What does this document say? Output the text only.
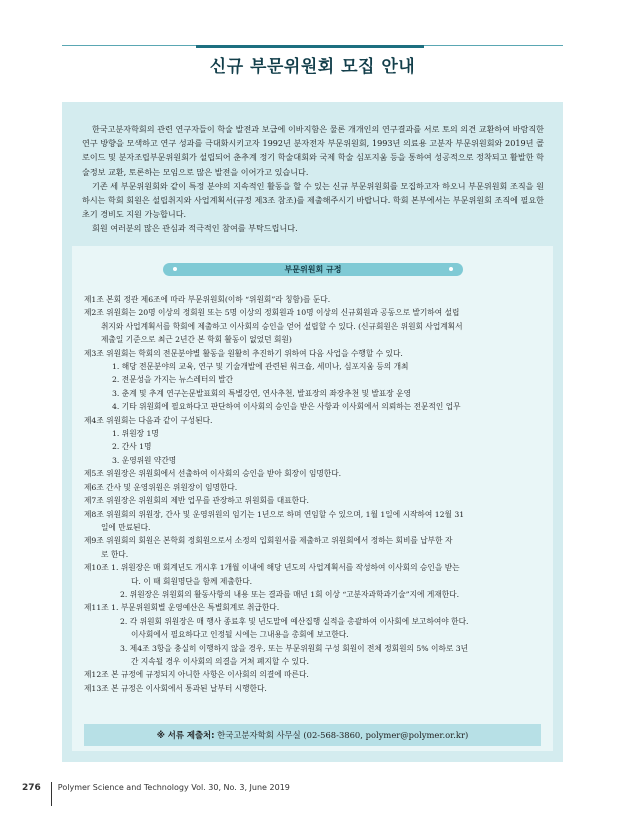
신규 부문위원회 모집 안내

한국고분자학회의 관련 연구자들이 학술 발전과 보급에 이바지함은 물론 개개인의 연구결과를 서로 토의 의견 교환하여 바람직한 연구 방향을 모색하고 연구 성과를 극대화시키고자 1992년 분자전자 부문위원회, 1993년 의료용 고분자 부문위원회와 2019년 콜로이드 및 분자조립부문위원회가 설립되어 춘추계 정기 학술대회와 국제 학술 심포지움 등을 통하여 성공적으로 정착되고 활발한 학술정보 교환, 토론하는 모임으로 많은 발전을 이어가고 있습니다.

기존 세 부문위원회와 같이 특정 분야의 지속적인 활동을 할 수 있는 신규 부문위원회를 모집하고자 하오니 부문위원회 조직을 원하시는 학회 회원은 설립취지와 사업계획서(규정 제3조 참조)를 제출해주시기 바랍니다. 학회 본부에서는 부문위원회 조직에 필요한 초기 경비도 지원 가능합니다.

회원 여러분의 많은 관심과 적극적인 참여를 부탁드립니다.

부문위원회 규정
제1조 본회 정관 제6조에 따라 부문위원회(이하 “위원회”라 칭함)를 둔다.
제2조 위원회는 20명 이상의 정회원 또는 5명 이상의 정회원과 10명 이상의 신규회원과 공동으로 발기하여 설립
취지와 사업계획서를 학회에 제출하고 이사회의 승인을 얻어 설립할 수 있다. (신규회원은 위원회 사업계획서
제출일 기준으로 최근 2년간 본 학회 활동이 없었던 회원)
제3조 위원회는 학회의 전문분야별 활동을 원활히 추진하기 위하여 다음 사업을 수행할 수 있다.
1. 해당 전문분야의 교육, 연구 및 기술개발에 관련된 워크숍, 세미나, 심포지움 등의 개최
2. 전문성을 가지는 뉴스레터의 발간
3. 춘계 및 추계 연구논문발표회의 특별강연, 연사추천, 발표장의 좌장추천 및 발표장 운영
4. 기타 위원회에 필요하다고 판단하여 이사회의 승인을 받은 사항과 이사회에서 의뢰하는 전문적인 업무
제4조 위원회는 다음과 같이 구성된다.
1. 위원장 1명
2. 간사 1명
3. 운영위원 약간명
제5조 위원장은 위원회에서 선출하여 이사회의 승인을 받아 회장이 임명한다.
제6조 간사 및 운영위원은 위원장이 임명한다.
제7조 위원장은 위원회의 제반 업무를 관장하고 위원회를 대표한다.
제8조 위원회의 위원장, 간사 및 운영위원의 임기는 1년으로 하며 연임할 수 있으며, 1월 1일에 시작하여 12월 31
일에 만료된다.
제9조 위원회의 회원은 본학회 정회원으로서 소정의 입회원서를 제출하고 위원회에서 정하는 회비를 납부한 자
로 한다.
제10조 1. 위원장은 매 회계년도 개시후 1개월 이내에 해당 년도의 사업계획서를 작성하여 이사회의 승인을 받는
다. 이 때 회원명단을 함께 제출한다.
2. 위원장은 위원회의 활동사항의 내용 또는 결과를 매년 1회 이상 “고분자과학과기술”지에 게재한다.
제11조 1. 부문위원회별 운영예산은 특별회계로 취급한다.
2. 각 위원회 위원장은 매 행사 종료후 및 년도말에 예산집행 실적을 총괄하여 이사회에 보고하여야 한다.
이사회에서 필요하다고 인정될 시에는 그내용을 총회에 보고한다.
3. 제4조 3항을 충실히 이행하지 않을 경우, 또는 부문위원회 구성 회원이 전체 정회원의 5% 이하로 3년
간 지속될 경우 이사회의 의결을 거쳐 폐지할 수 있다.
제12조 본 규정에 규정되지 아니한 사항은 이사회의 의결에 따른다.
제13조 본 규정은 이사회에서 통과된 날부터 시행한다.
※ 서류 제출처: 한국고분자학회 사무실 (02-568-3860, polymer@polymer.or.kr)
276 Polymer Science and Technology Vol. 30, No. 3, June 2019
